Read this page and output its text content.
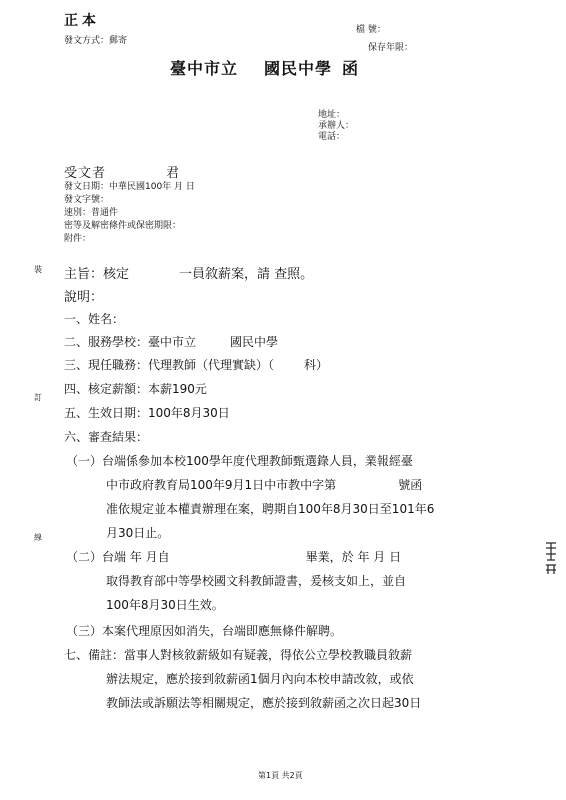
正本
發文方式：郵寄
檔 號：
保存年限：
臺中市立 國民中學 函
地址：
承辦人：
電話：
受文者	君
發文日期：中華民國100年 月 日
發文字號：
速別：普通件
密等及解密條件或保密期限：
附件：
裝
訂
線
主旨：核定	一員敘薪案，請 查照。
說明：
一、姓名：
二、服務學校：臺中市立	國民中學
三、現任職務：代理教師（代理實缺）（	科）
四、核定薪額：本薪190元
五、生效日期：100年8月30日
六、審查結果：
（一）台端係參加本校100學年度代理教師甄選錄人員，業報經臺
中市政府教育局100年9月1日中市教中字第	號函
准依規定並本權責辦理在案，聘期自100年8月30日至101年6
月30日止。
（二）台端 年 月自	畢業，於 年 月 日
取得教育部中等學校國文科教師證書，爰核支如上，並自
100年8月30日生效。
（三）本案代理原因如消失，台端即應無條件解聘。
七、備註：當事人對核敘薪級如有疑義，得依公立學校教職員敘薪
辦法規定，應於接到敘薪函1個月內向本校申請改敘，或依
教師法或訴願法等相關規定，應於接到敘薪函之次日起30日
第1頁 共2頁
